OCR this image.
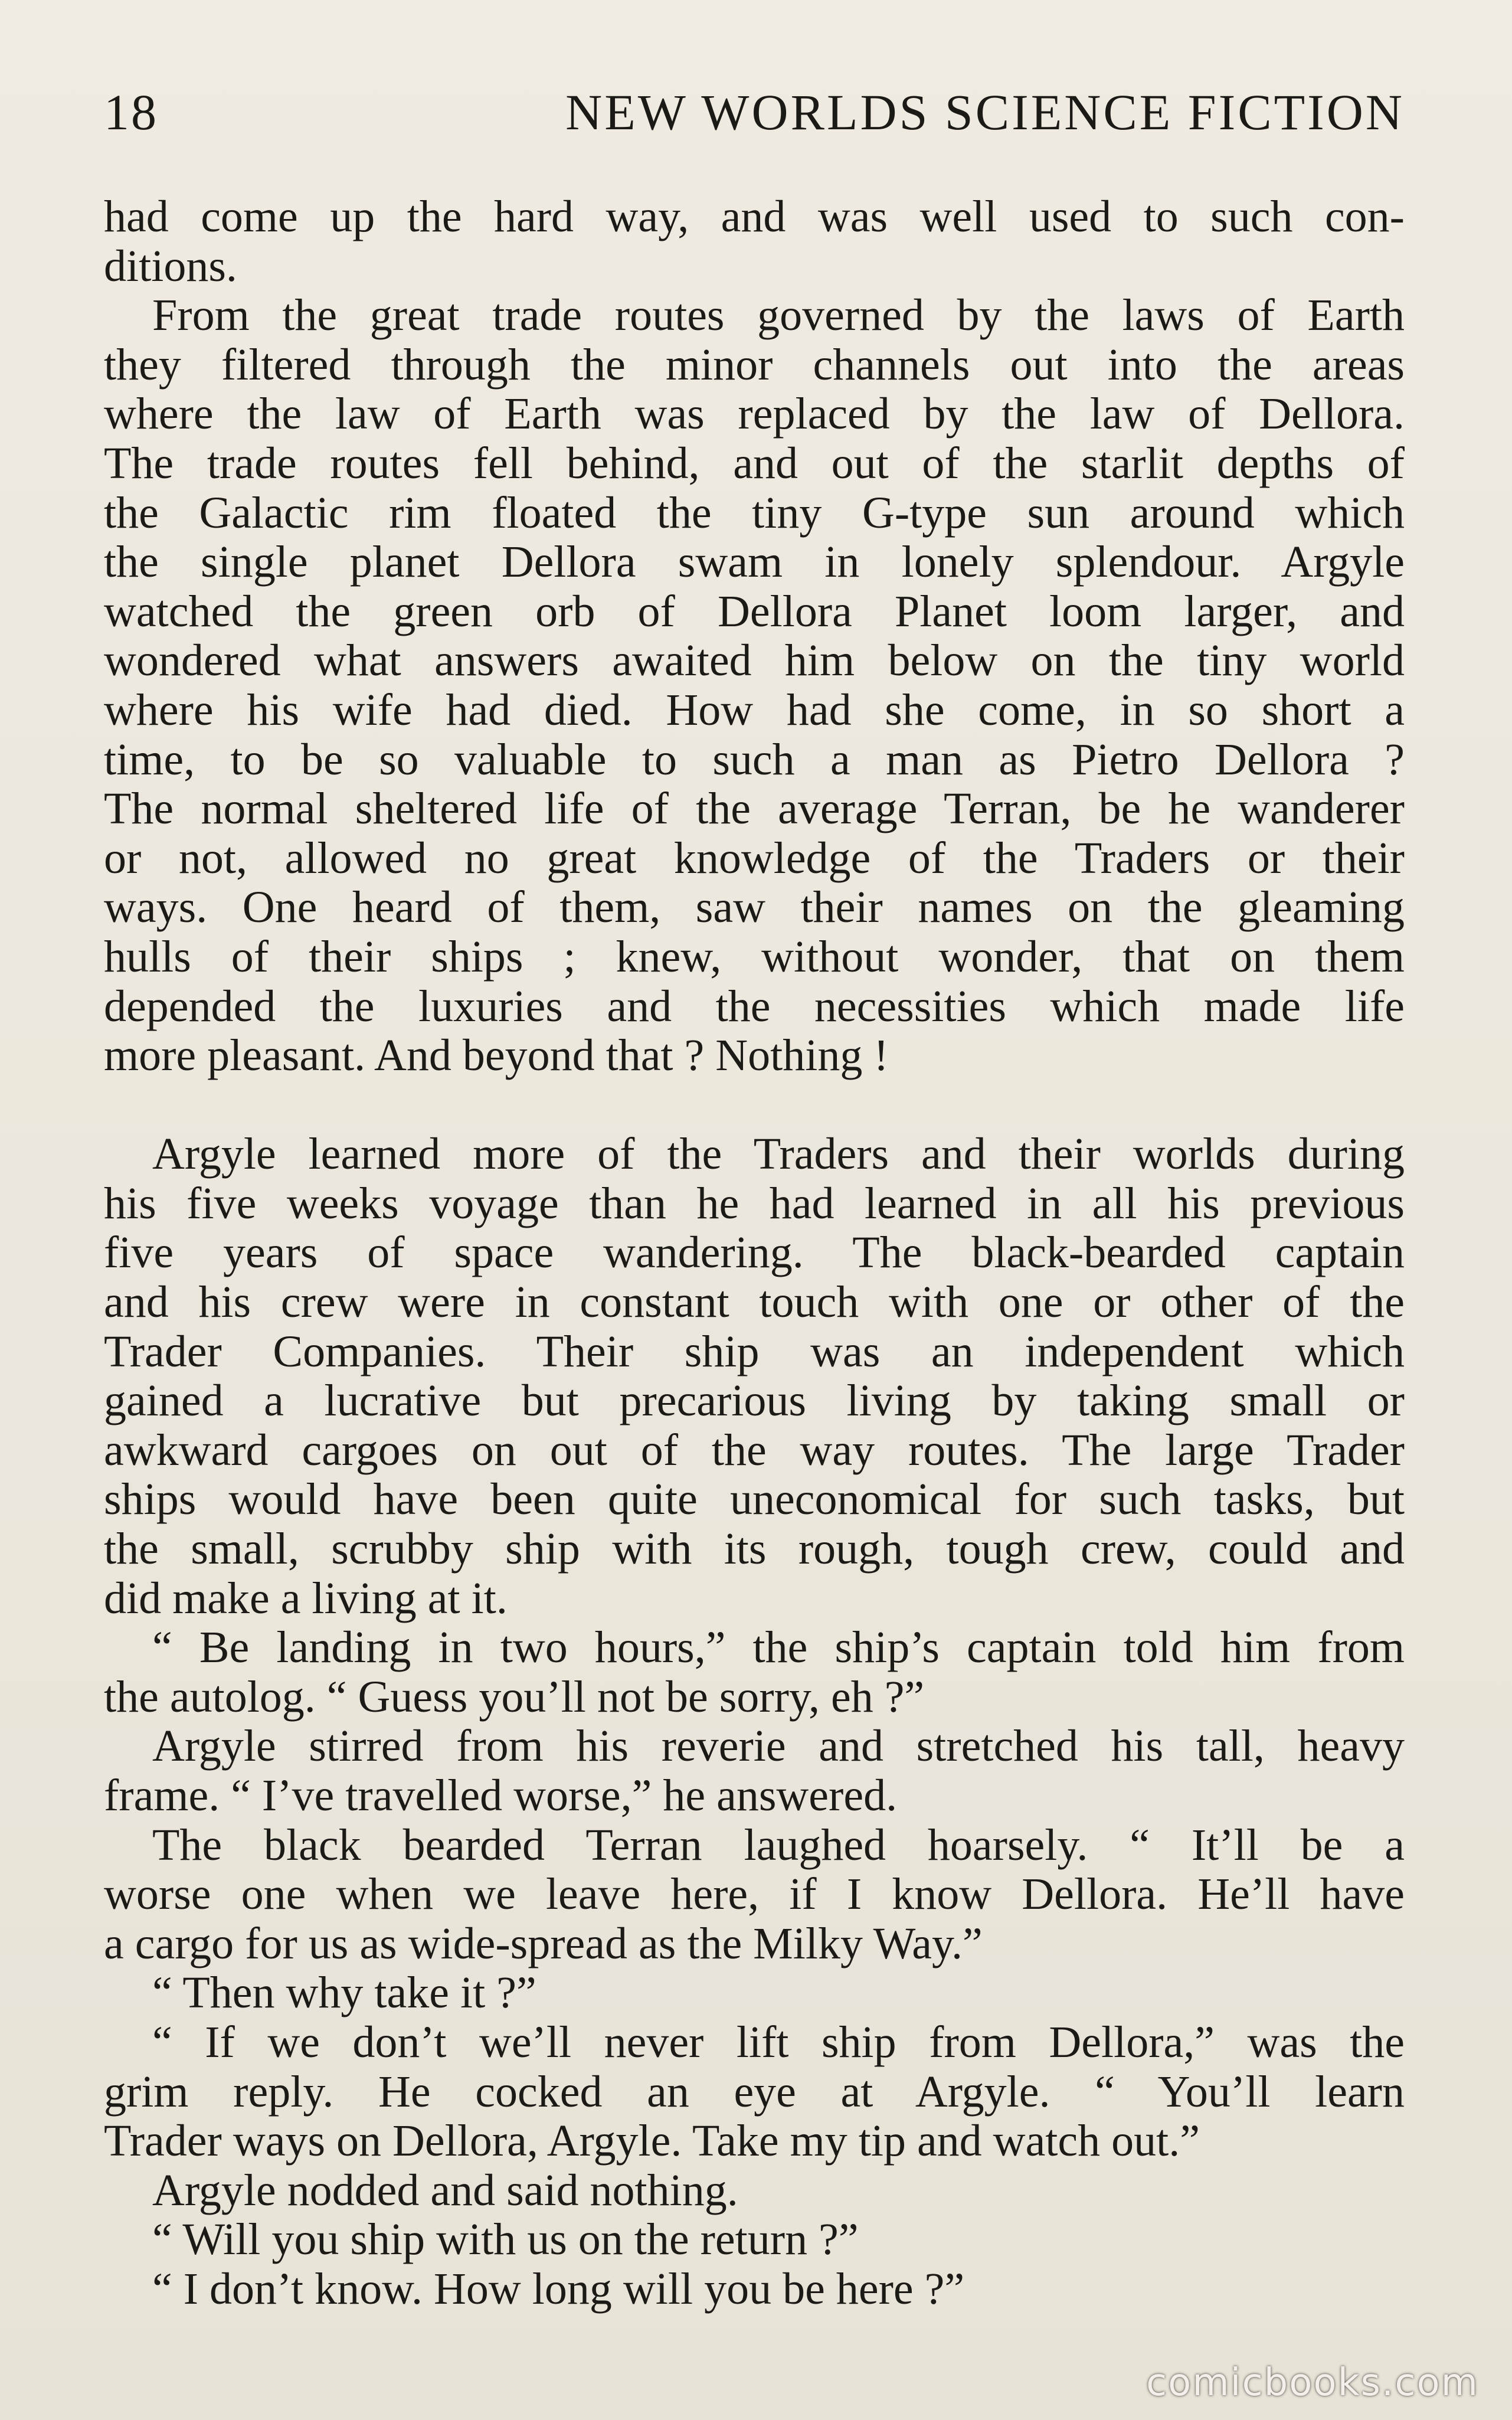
18	NEW WORLDS SCIENCE FICTION
had come up the hard way, and was well used to such con-
ditions.
From the great trade routes governed by the laws of Earth
they filtered through the minor channels out into the areas
where the law of Earth was replaced by the law of Dellora.
The trade routes fell behind, and out of the starlit depths of
the Galactic rim floated the tiny G-type sun around which
the single planet Dellora swam in lonely splendour. Argyle
watched the green orb of Dellora Planet loom larger, and
wondered what answers awaited him below on the tiny world
where his wife had died. How had she come, in so short a
time, to be so valuable to such a man as Pietro Dellora ?
The normal sheltered life of the average Terran, be he wanderer
or not, allowed no great knowledge of the Traders or their
ways. One heard of them, saw their names on the gleaming
hulls of their ships ; knew, without wonder, that on them
depended the luxuries and the necessities which made life
more pleasant. And beyond that ? Nothing !
Argyle learned more of the Traders and their worlds during
his five weeks voyage than he had learned in all his previous
five years of space wandering. The black-bearded captain
and his crew were in constant touch with one or other of the
Trader Companies. Their ship was an independent which
gained a lucrative but precarious living by taking small or
awkward cargoes on out of the way routes. The large Trader
ships would have been quite uneconomical for such tasks, but
the small, scrubby ship with its rough, tough crew, could and
did make a living at it.
“ Be landing in two hours,” the ship’s captain told him from
the autolog. “ Guess you’ll not be sorry, eh ?”
Argyle stirred from his reverie and stretched his tall, heavy
frame. “ I’ve travelled worse,” he answered.
The black bearded Terran laughed hoarsely. “ It’ll be a
worse one when we leave here, if I know Dellora. He’ll have
a cargo for us as wide-spread as the Milky Way.”
“ Then why take it ?”
“ If we don’t we’ll never lift ship from Dellora,” was the
grim reply. He cocked an eye at Argyle. “ You’ll learn
Trader ways on Dellora, Argyle. Take my tip and watch out.”
Argyle nodded and said nothing.
“ Will you ship with us on the return ?”
“ I don’t know. How long will you be here ?”
comicbooks.com
